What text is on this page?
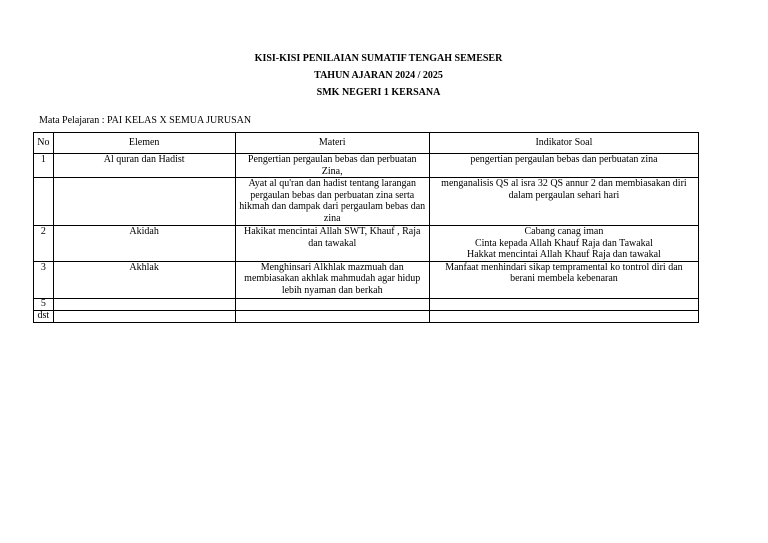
KISI-KISI PENILAIAN SUMATIF TENGAH SEMESER
TAHUN AJARAN 2024 / 2025
SMK NEGERI 1 KERSANA
Mata Pelajaran : PAI KELAS X SEMUA JURUSAN
No	Elemen	Materi	Indikator Soal
1	Al quran dan Hadist	Pengertian pergaulan bebas dan perbuatan Zina,	pengertian pergaulan bebas dan perbuatan zina

		Ayat al qu'ran dan hadist tentang larangan pergaulan bebas dan perbuatan zina serta hikmah dan dampak dari pergaulam bebas dan zina	menganalisis QS al isra 32 QS annur 2 dan membiasakan diri dalam pergaulan sehari hari

2	Akidah	Hakikat mencintai Allah SWT, Khauf , Raja dan tawakal	Cabang canag iman
Cinta kepada Allah Khauf Raja dan Tawakal
Hakkat mencintai Allah Khauf Raja dan tawakal

3	Akhlak	Menghinsari Alkhlak mazmuah dan membiasakan akhlak mahmudah agar hidup lebih nyaman dan berkah	Manfaat menhindari sikap tempramental ko tontrol diri dan berani membela kebenaran

5			
dst			
